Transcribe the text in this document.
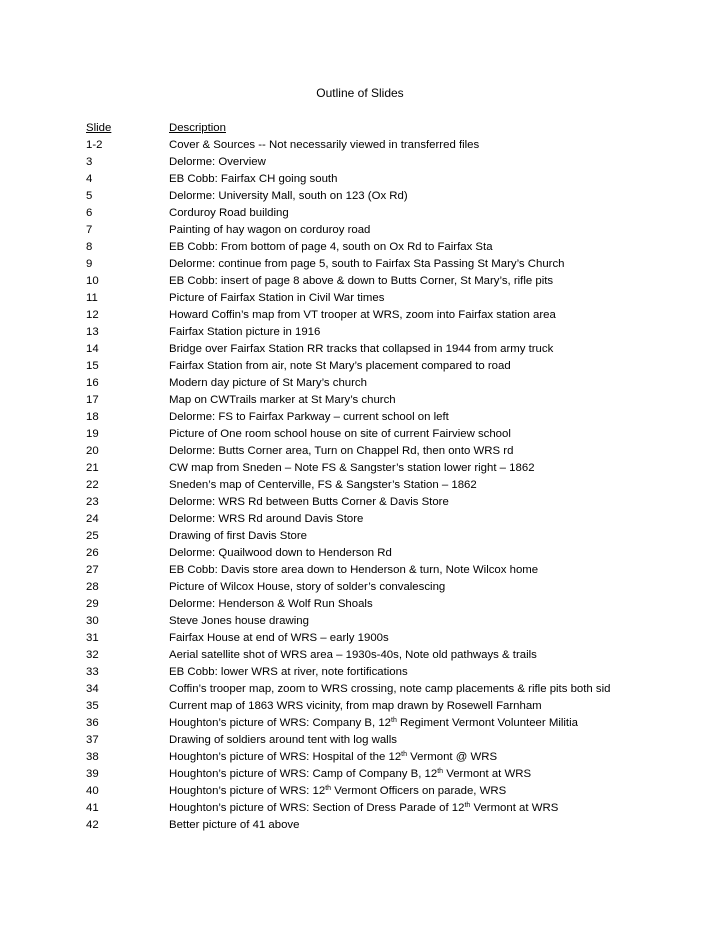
Outline of Slides
Slide	Description
1-2	Cover & Sources -- Not necessarily viewed in transferred files
3	Delorme: Overview
4	EB Cobb: Fairfax CH going south
5	Delorme: University Mall, south on 123 (Ox Rd)
6	Corduroy Road building
7	Painting of hay wagon on corduroy road
8	EB Cobb: From bottom of page 4, south on Ox Rd to Fairfax Sta
9	Delorme: continue from page 5, south to Fairfax Sta Passing St Mary’s Church
10	EB Cobb: insert of page 8 above & down to Butts Corner, St Mary’s, rifle pits
11	Picture of Fairfax Station in Civil War times
12	Howard Coffin’s map from VT trooper at WRS, zoom into Fairfax station area
13	Fairfax Station picture in 1916
14	Bridge over Fairfax Station RR tracks that collapsed in 1944 from army truck
15	Fairfax Station from air, note St Mary’s placement compared to road
16	Modern day picture of St Mary’s church
17	Map on CWTrails marker at St Mary’s church
18	Delorme: FS to Fairfax Parkway – current school on left
19	Picture of One room school house on site of current Fairview school
20	Delorme: Butts Corner area, Turn on Chappel Rd, then onto WRS rd
21	CW map from Sneden – Note FS & Sangster’s station lower right – 1862
22	Sneden’s map of Centerville, FS & Sangster’s Station – 1862
23	Delorme: WRS Rd between Butts Corner & Davis Store
24	Delorme: WRS Rd around Davis Store
25	Drawing of first Davis Store
26	Delorme: Quailwood down to Henderson Rd
27	EB Cobb: Davis store area down to Henderson & turn, Note Wilcox home
28	Picture of Wilcox House, story of solder’s convalescing
29	Delorme: Henderson & Wolf Run Shoals
30	Steve Jones house drawing
31	Fairfax House at end of WRS – early 1900s
32	Aerial satellite shot of WRS area – 1930s-40s, Note old pathways & trails
33	EB Cobb: lower WRS at river, note fortifications
34	Coffin’s trooper map, zoom to WRS crossing, note camp placements & rifle pits both sid
35	Current map of 1863 WRS vicinity, from map drawn by Rosewell Farnham
36	Houghton’s picture of WRS: Company B, 12th Regiment Vermont Volunteer Militia
37	Drawing of soldiers around tent with log walls
38	Houghton’s picture of WRS: Hospital of the 12th Vermont @ WRS
39	Houghton’s picture of WRS: Camp of Company B, 12th Vermont at WRS
40	Houghton’s picture of WRS: 12th Vermont Officers on parade, WRS
41	Houghton’s picture of WRS: Section of Dress Parade of 12th Vermont at WRS
42	Better picture of 41 above
